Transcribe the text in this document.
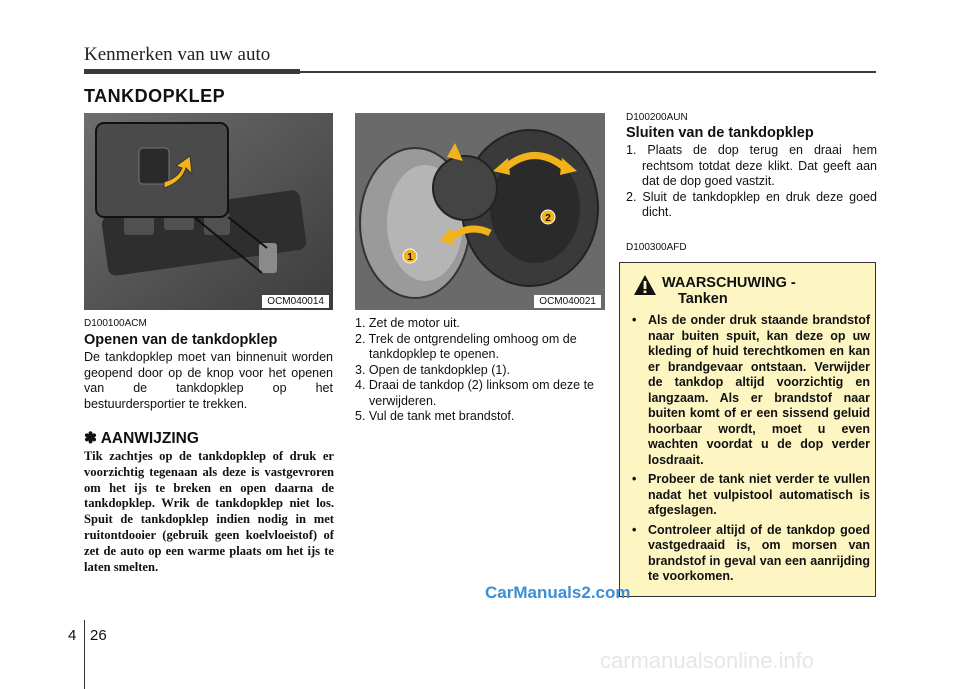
Kenmerken van uw auto
TANKDOPKLEP
OCM040014
1
2
OCM040021
D100100ACM
Openen van de tankdopklep
De tankdopklep moet van binnenuit worden geopend door op de knop voor het openen van de tankdopklep op het bestuurdersportier te trekken.
✽ AANWIJZING
Tik zachtjes op de tankdopklep of druk er voorzichtig tegenaan als deze is vastgevroren om het ijs te breken en open daarna de tankdopklep. Wrik de tankdopklep niet los. Spuit de tankdopklep indien nodig in met ruitontdooier (gebruik geen koelvloeistof) of zet de auto op een warme plaats om het ijs te laten smelten.
1. Zet de motor uit.
2. Trek de ontgrendeling omhoog om de tankdopklep te openen.
3. Open de tankdopklep (1).
4. Draai de tankdop (2) linksom om deze te verwijderen.
5. Vul de tank met brandstof.
D100200AUN
Sluiten van de tankdopklep
1. Plaats de dop terug en draai hem rechtsom totdat deze klikt. Dat geeft aan dat de dop goed vastzit.
2. Sluit de tankdopklep en druk deze goed dicht.
D100300AFD
WAARSCHUWING -
Tanken
• Als de onder druk staande brandstof naar buiten spuit, kan deze op uw kleding of huid terechtkomen en kan er brandgevaar ontstaan. Verwijder de tankdop altijd voorzichtig en langzaam. Als er brandstof naar buiten komt of er een sissend geluid hoorbaar wordt, moet u even wachten voordat u de dop verder losdraait.
• Probeer de tank niet verder te vullen nadat het vulpistool automatisch is afgeslagen.
• Controleer altijd of de tankdop goed vastgedraaid is, om morsen van brandstof in geval van een aanrijding te voorkomen.
CarManuals2.com
4 26
carmanualsonline.info
